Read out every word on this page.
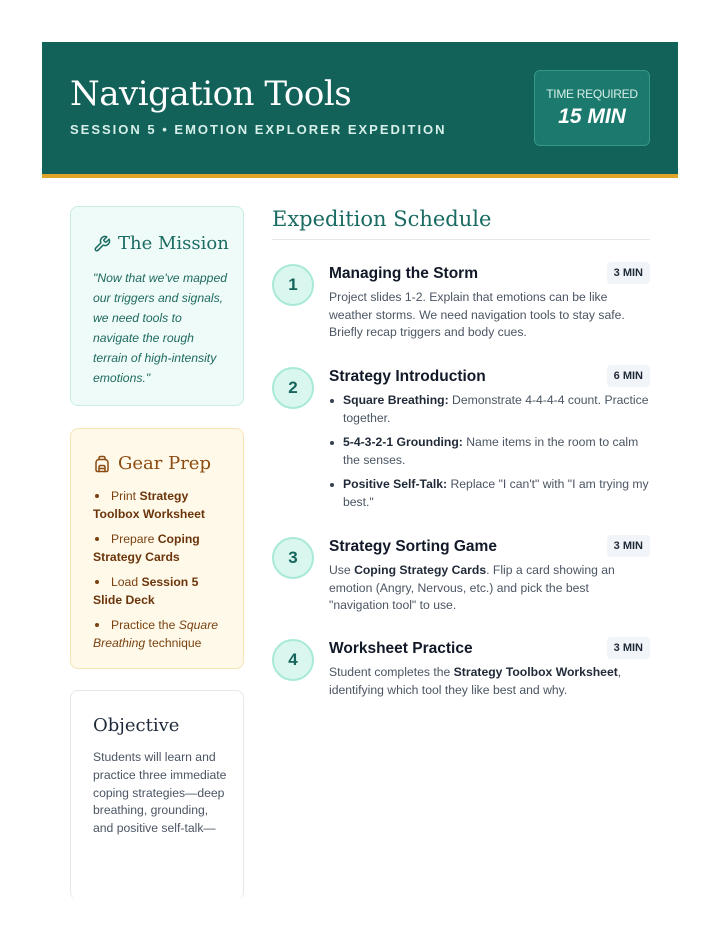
Navigation Tools
SESSION 5 • EMOTION EXPLORER EXPEDITION
TIME REQUIRED
15 MIN
The Mission
"Now that we've mapped our triggers and signals, we need tools to navigate the rough terrain of high-intensity emotions."
Gear Prep
Print Strategy Toolbox Worksheet
Prepare Coping Strategy Cards
Load Session 5 Slide Deck
Practice the Square Breathing technique
Objective
Students will learn and practice three immediate coping strategies—deep breathing, grounding, and positive self-talk—
Expedition Schedule
1
Managing the Storm	3 MIN
Project slides 1-2. Explain that emotions can be like weather storms. We need navigation tools to stay safe. Briefly recap triggers and body cues.
2
Strategy Introduction	6 MIN
Square Breathing: Demonstrate 4-4-4-4 count. Practice together.
5-4-3-2-1 Grounding: Name items in the room to calm the senses.
Positive Self-Talk: Replace "I can't" with "I am trying my best."
3
Strategy Sorting Game	3 MIN
Use Coping Strategy Cards. Flip a card showing an emotion (Angry, Nervous, etc.) and pick the best "navigation tool" to use.
4
Worksheet Practice	3 MIN
Student completes the Strategy Toolbox Worksheet, identifying which tool they like best and why.
